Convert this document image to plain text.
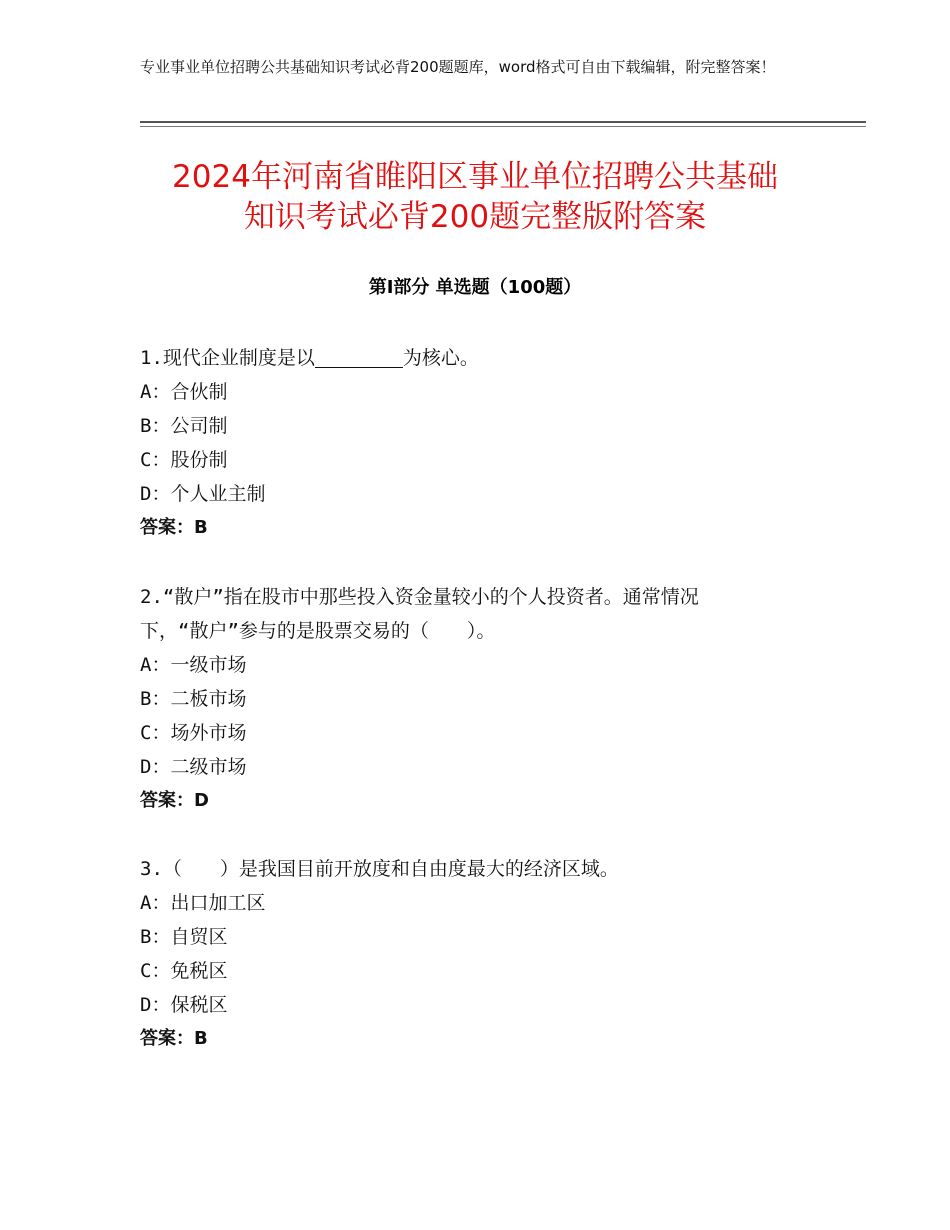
专业事业单位招聘公共基础知识考试必背200题题库，word格式可自由下载编辑，附完整答案！
2024年河南省睢阳区事业单位招聘公共基础
知识考试必背200题完整版附答案
第Ⅰ部分 单选题（100题）
1.现代企业制度是以	为核心。
A：合伙制
B：公司制
C：股份制
D：个人业主制
答案：B
2.“散户”指在股市中那些投入资金量较小的个人投资者。通常情况
下，“散户”参与的是股票交易的（　　）。
A：一级市场
B：二板市场
C：场外市场
D：二级市场
答案：D
3.（　　）是我国目前开放度和自由度最大的经济区域。
A：出口加工区
B：自贸区
C：免税区
D：保税区
答案：B
